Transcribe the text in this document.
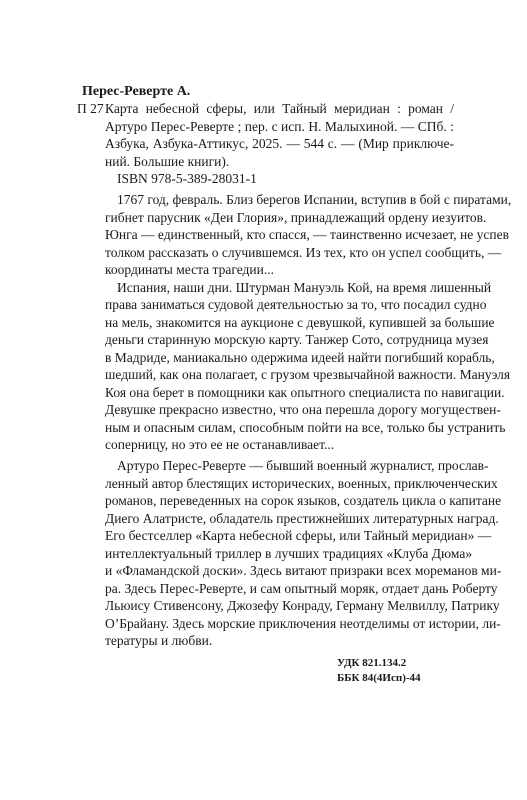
Перес-Реверте А.

П 27 Карта небесной сферы, или Тайный меридиан : роман /

Артуро Перес-Реверте ; пер. с исп. Н. Малыхиной. — СПб. :

Азбука, Азбука-Аттикус, 2025. — 544 с. — (Мир приключе-

ний. Большие книги).

ISBN 978-5-389-28031-1

1767 год, февраль. Близ берегов Испании, вступив в бой с пиратами,

гибнет парусник «Деи Глория», принадлежащий ордену иезуитов.

Юнга — единственный, кто спасся, — таинственно исчезает, не успев

толком рассказать о случившемся. Из тех, кто он успел сообщить, —

координаты места трагедии...

Испания, наши дни. Штурман Мануэль Кой, на время лишенный

права заниматься судовой деятельностью за то, что посадил судно

на мель, знакомится на аукционе с девушкой, купившей за большие

деньги старинную морскую карту. Танжер Сото, сотрудница музея

в Мадриде, маниакально одержима идеей найти погибший корабль,

шедший, как она полагает, с грузом чрезвычайной важности. Мануэля

Коя она берет в помощники как опытного специалиста по навигации.

Девушке прекрасно известно, что она перешла дорогу могуществен-

ным и опасным силам, способным пойти на все, только бы устранить

соперницу, но это ее не останавливает...

Артуро Перес-Реверте — бывший военный журналист, прослав-

ленный автор блестящих исторических, военных, приключенческих

романов, переведенных на сорок языков, создатель цикла о капитане

Диего Алатристе, обладатель престижнейших литературных наград.

Его бестселлер «Карта небесной сферы, или Тайный меридиан» —

интеллектуальный триллер в лучших традициях «Клуба Дюма»

и «Фламандской доски». Здесь витают призраки всех мореманов ми-

ра. Здесь Перес-Реверте, и сам опытный моряк, отдает дань Роберту

Льюису Стивенсону, Джозефу Конраду, Герману Мелвиллу, Патрику

О’Брайану. Здесь морские приключения неотделимы от истории, ли-

тературы и любви.

УДК 821.134.2

ББК 84(4Исп)-44
